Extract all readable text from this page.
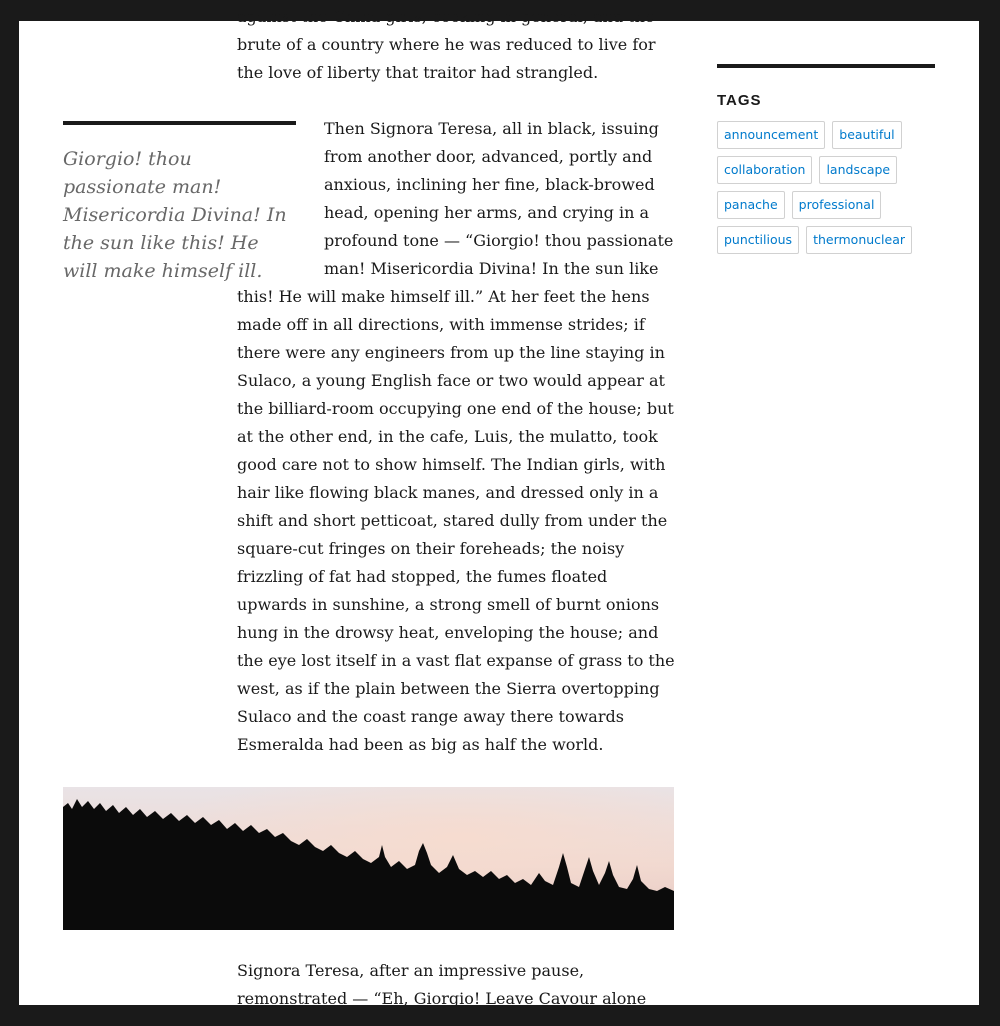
against the China girls, cooking in general, and the brute of a country where he was reduced to live for the love of liberty that traitor had strangled.

Giorgio! thou passionate man! Misericordia Divina! In the sun like this! He will make himself ill.
Then Signora Teresa, all in black, issuing from another door, advanced, portly and anxious, inclining her fine, black-browed head, opening her arms, and crying in a profound tone — “Giorgio! thou passionate man! Misericordia Divina! In the sun like this! He will make himself ill.” At her feet the hens made off in all directions, with immense strides; if there were any engineers from up the line staying in Sulaco, a young English face or two would appear at the billiard-room occupying one end of the house; but at the other end, in the cafe, Luis, the mulatto, took good care not to show himself. The Indian girls, with hair like flowing black manes, and dressed only in a shift and short petticoat, stared dully from under the square-cut fringes on their foreheads; the noisy frizzling of fat had stopped, the fumes floated upwards in sunshine, a strong smell of burnt onions hung in the drowsy heat, enveloping the house; and the eye lost itself in a vast flat expanse of grass to the west, as if the plain between the Sierra overtopping Sulaco and the coast range away there towards Esmeralda had been as big as half the world.

Signora Teresa, after an impressive pause, remonstrated — “Eh, Giorgio! Leave Cavour alone

TAGS
announcement	beautiful
collaboration	landscape
panache	professional
punctilious	thermonuclear
